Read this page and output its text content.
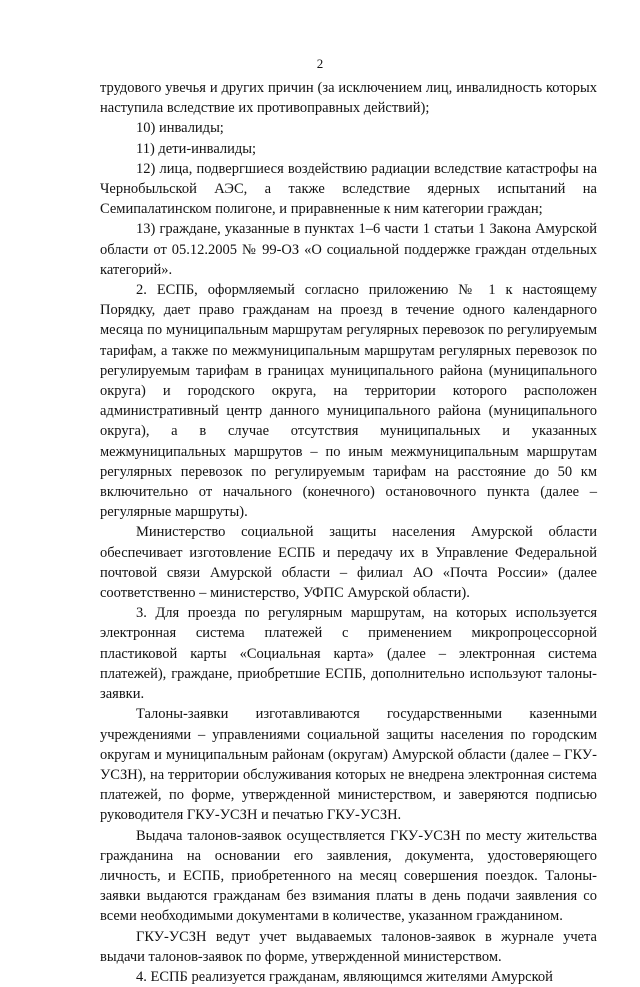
2

трудового увечья и других причин (за исключением лиц, инвалидность которых наступила вследствие их противоправных действий);

10) инвалиды;

11) дети-инвалиды;

12) лица, подвергшиеся воздействию радиации вследствие катастрофы на Чернобыльской АЭС, а также вследствие ядерных испытаний на Семипалатинском полигоне, и приравненные к ним категории граждан;

13) граждане, указанные в пунктах 1–6 части 1 статьи 1 Закона Амурской области от 05.12.2005 № 99-ОЗ «О социальной поддержке граждан отдельных категорий».

2. ЕСПБ, оформляемый согласно приложению № 1 к настоящему Порядку, дает право гражданам на проезд в течение одного календарного месяца по муниципальным маршрутам регулярных перевозок по регулируемым тарифам, а также по межмуниципальным маршрутам регулярных перевозок по регулируемым тарифам в границах муниципального района (муниципального округа) и городского округа, на территории которого расположен административный центр данного муниципального района (муниципального округа), а в случае отсутствия муниципальных и указанных межмуниципальных маршрутов – по иным межмуниципальным маршрутам регулярных перевозок по регулируемым тарифам на расстояние до 50 км включительно от начального (конечного) остановочного пункта (далее – регулярные маршруты).

Министерство социальной защиты населения Амурской области обеспечивает изготовление ЕСПБ и передачу их в Управление Федеральной почтовой связи Амурской области – филиал АО «Почта России» (далее соответственно – министерство, УФПС Амурской области).

3. Для проезда по регулярным маршрутам, на которых используется электронная система платежей с применением микропроцессорной пластиковой карты «Социальная карта» (далее – электронная система платежей), граждане, приобретшие ЕСПБ, дополнительно используют талоны-заявки.

Талоны-заявки изготавливаются государственными казенными учреждениями – управлениями социальной защиты населения по городским округам и муниципальным районам (округам) Амурской области (далее – ГКУ-УСЗН), на территории обслуживания которых не внедрена электронная система платежей, по форме, утвержденной министерством, и заверяются подписью руководителя ГКУ-УСЗН и печатью ГКУ-УСЗН.

Выдача талонов-заявок осуществляется ГКУ-УСЗН по месту жительства гражданина на основании его заявления, документа, удостоверяющего личность, и ЕСПБ, приобретенного на месяц совершения поездок. Талоны-заявки выдаются гражданам без взимания платы в день подачи заявления со всеми необходимыми документами в количестве, указанном гражданином.

ГКУ-УСЗН ведут учет выдаваемых талонов-заявок в журнале учета выдачи талонов-заявок по форме, утвержденной министерством.

4. ЕСПБ реализуется гражданам, являющимся жителями Амурской
